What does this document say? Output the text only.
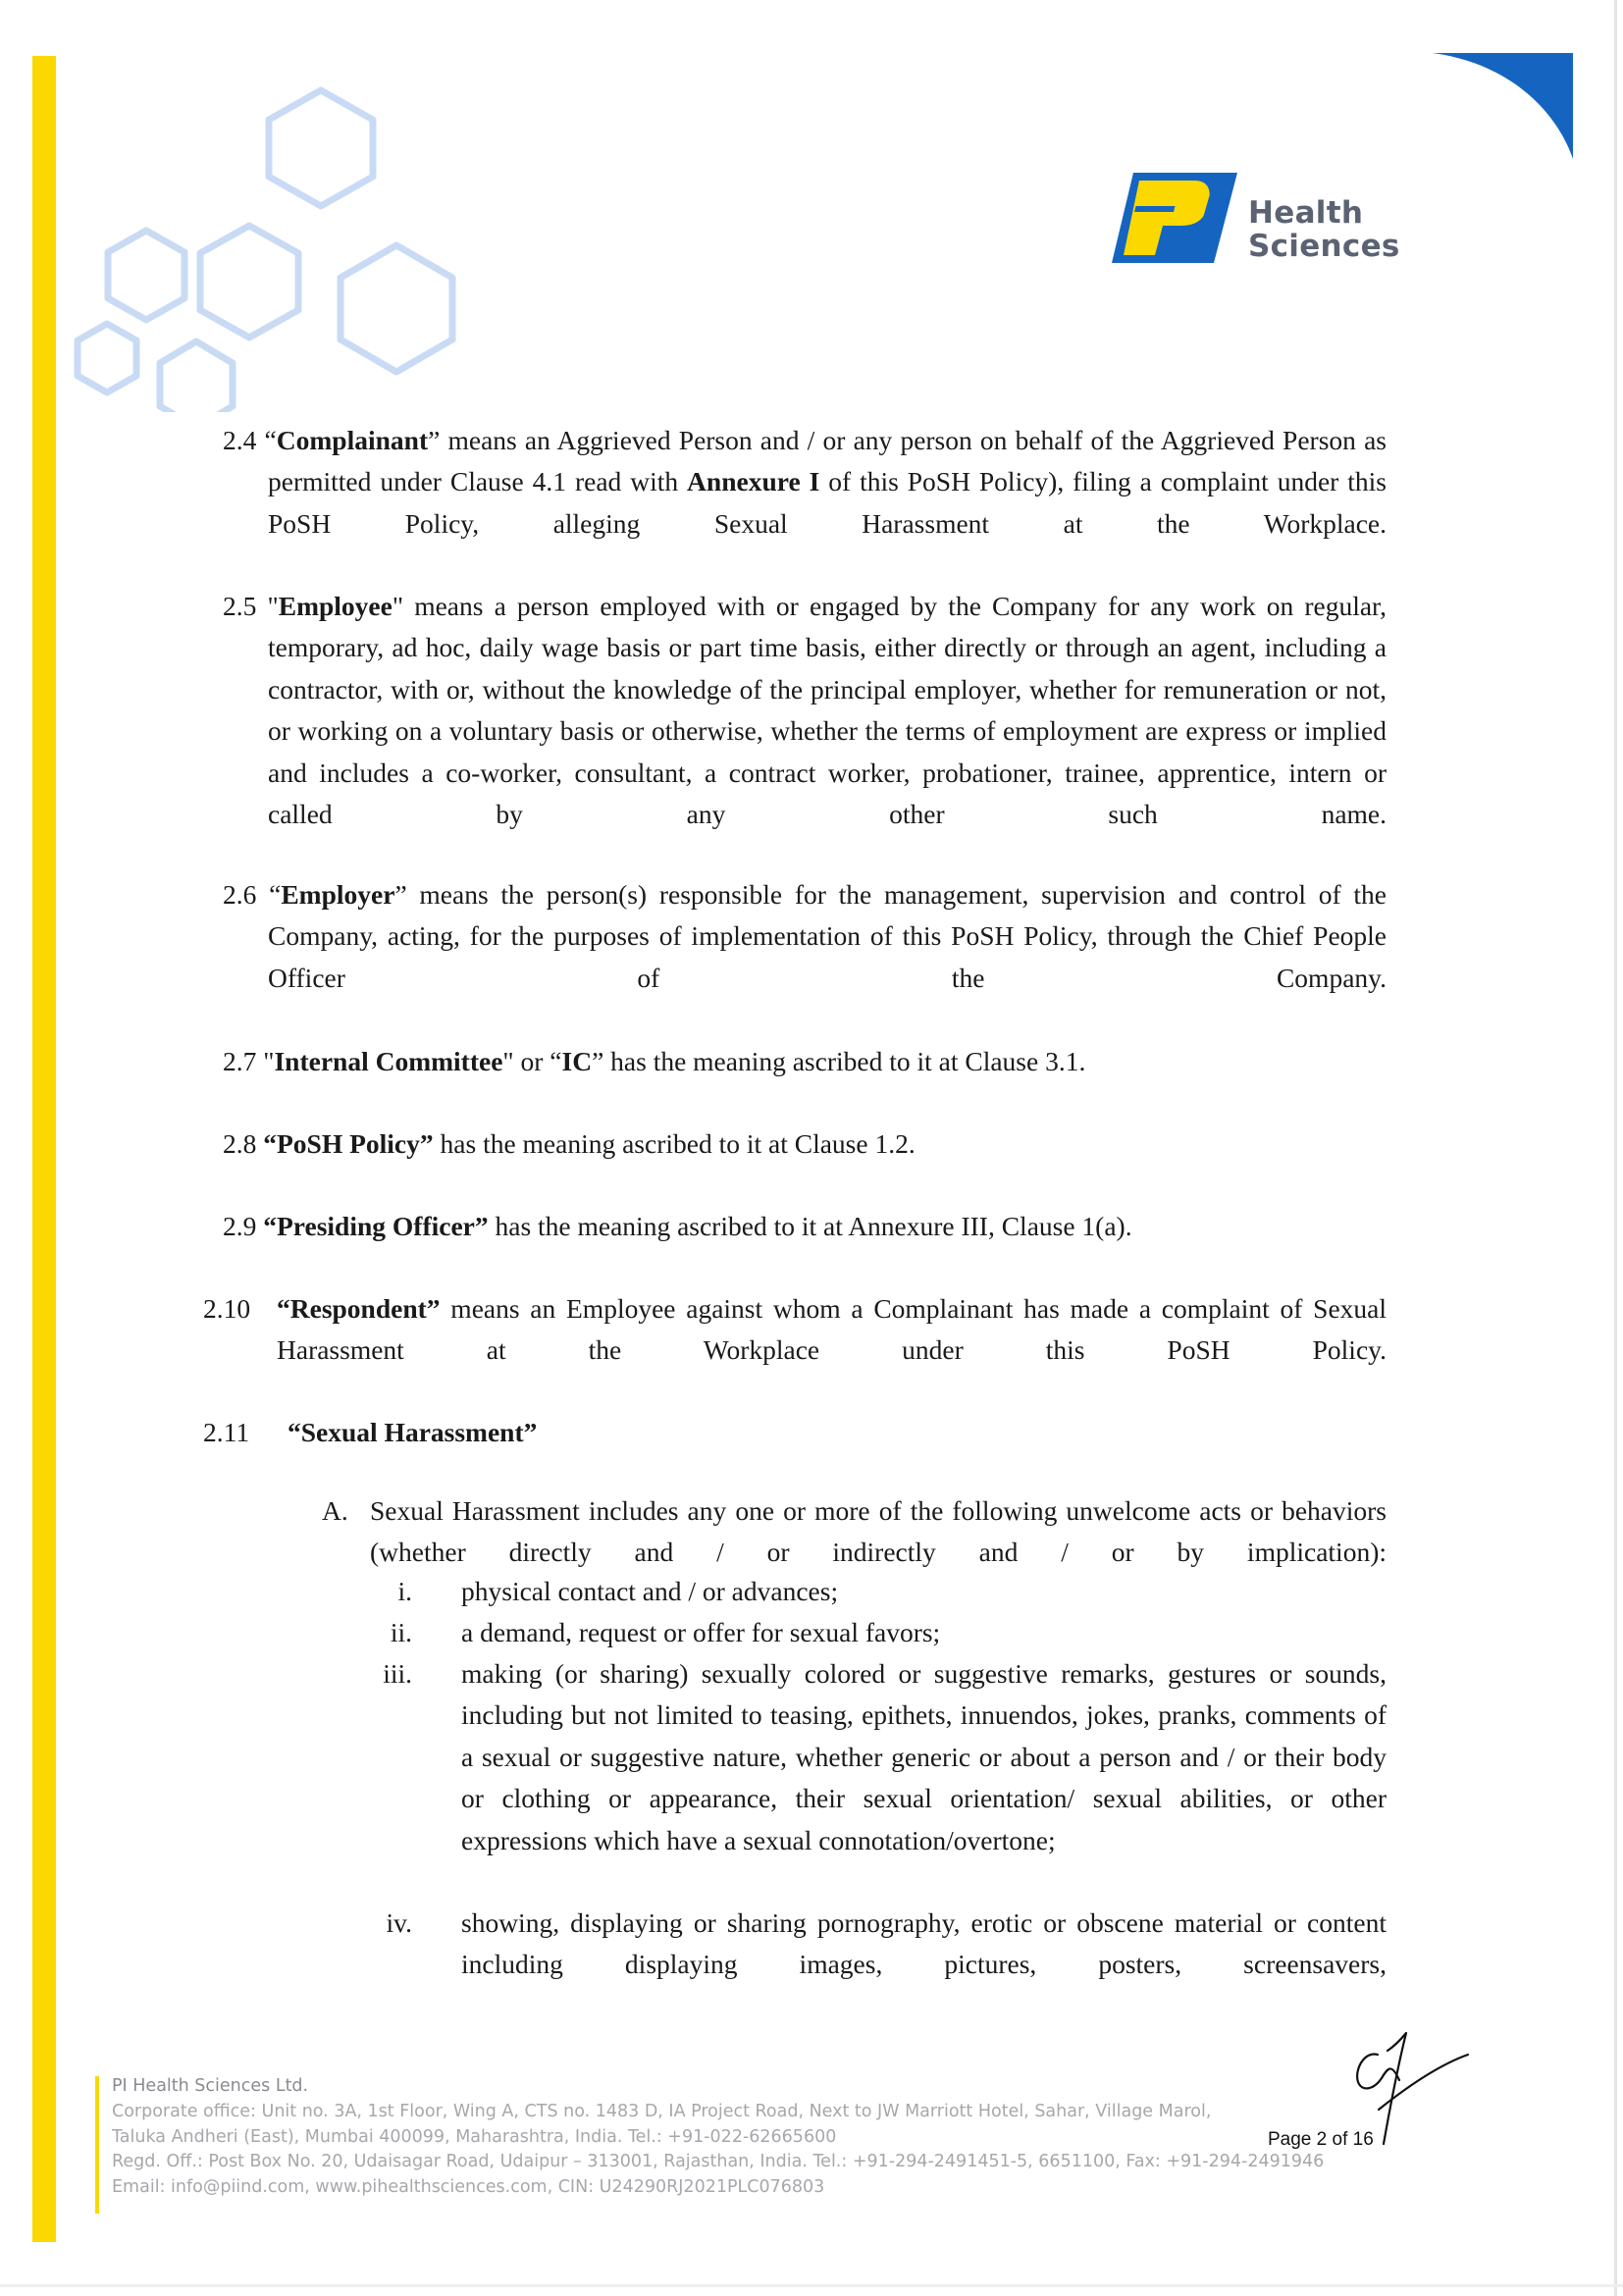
Health
Sciences
2.4 “Complainant” means an Aggrieved Person and / or any person on behalf of the Aggrieved Person as permitted under Clause 4.1 read with Annexure I of this PoSH Policy), filing a complaint under this PoSH Policy, alleging Sexual Harassment at the Workplace.
2.5 "Employee" means a person employed with or engaged by the Company for any work on regular, temporary, ad hoc, daily wage basis or part time basis, either directly or through an agent, including a contractor, with or, without the knowledge of the principal employer, whether for remuneration or not, or working on a voluntary basis or otherwise, whether the terms of employment are express or implied and includes a co-worker, consultant, a contract worker, probationer, trainee, apprentice, intern or called by any other such name.
2.6 “Employer” means the person(s) responsible for the management, supervision and control of the Company, acting, for the purposes of implementation of this PoSH Policy, through the Chief People Officer of the Company.
2.7 "Internal Committee" or “IC” has the meaning ascribed to it at Clause 3.1.
2.8 “PoSH Policy” has the meaning ascribed to it at Clause 1.2.
2.9 “Presiding Officer” has the meaning ascribed to it at Annexure III, Clause 1(a).
2.10 “Respondent” means an Employee against whom a Complainant has made a complaint of Sexual Harassment at the Workplace under this PoSH Policy.
2.11 “Sexual Harassment”
A. Sexual Harassment includes any one or more of the following unwelcome acts or behaviors (whether directly and / or indirectly and / or by implication):
i. physical contact and / or advances;
ii. a demand, request or offer for sexual favors;
iii. making (or sharing) sexually colored or suggestive remarks, gestures or sounds, including but not limited to teasing, epithets, innuendos, jokes, pranks, comments of a sexual or suggestive nature, whether generic or about a person and / or their body or clothing or appearance, their sexual orientation/ sexual abilities, or other expressions which have a sexual connotation/overtone;
iv. showing, displaying or sharing pornography, erotic or obscene material or content including displaying images, pictures, posters, screensavers,
PI Health Sciences Ltd.
Corporate office: Unit no. 3A, 1st Floor, Wing A, CTS no. 1483 D, IA Project Road, Next to JW Marriott Hotel, Sahar, Village Marol,
Taluka Andheri (East), Mumbai 400099, Maharashtra, India. Tel.: +91-022-62665600
Regd. Off.: Post Box No. 20, Udaisagar Road, Udaipur – 313001, Rajasthan, India. Tel.: +91-294-2491451-5, 6651100, Fax: +91-294-2491946
Email: info@piind.com, www.pihealthsciences.com, CIN: U24290RJ2021PLC076803
Page 2 of 16
